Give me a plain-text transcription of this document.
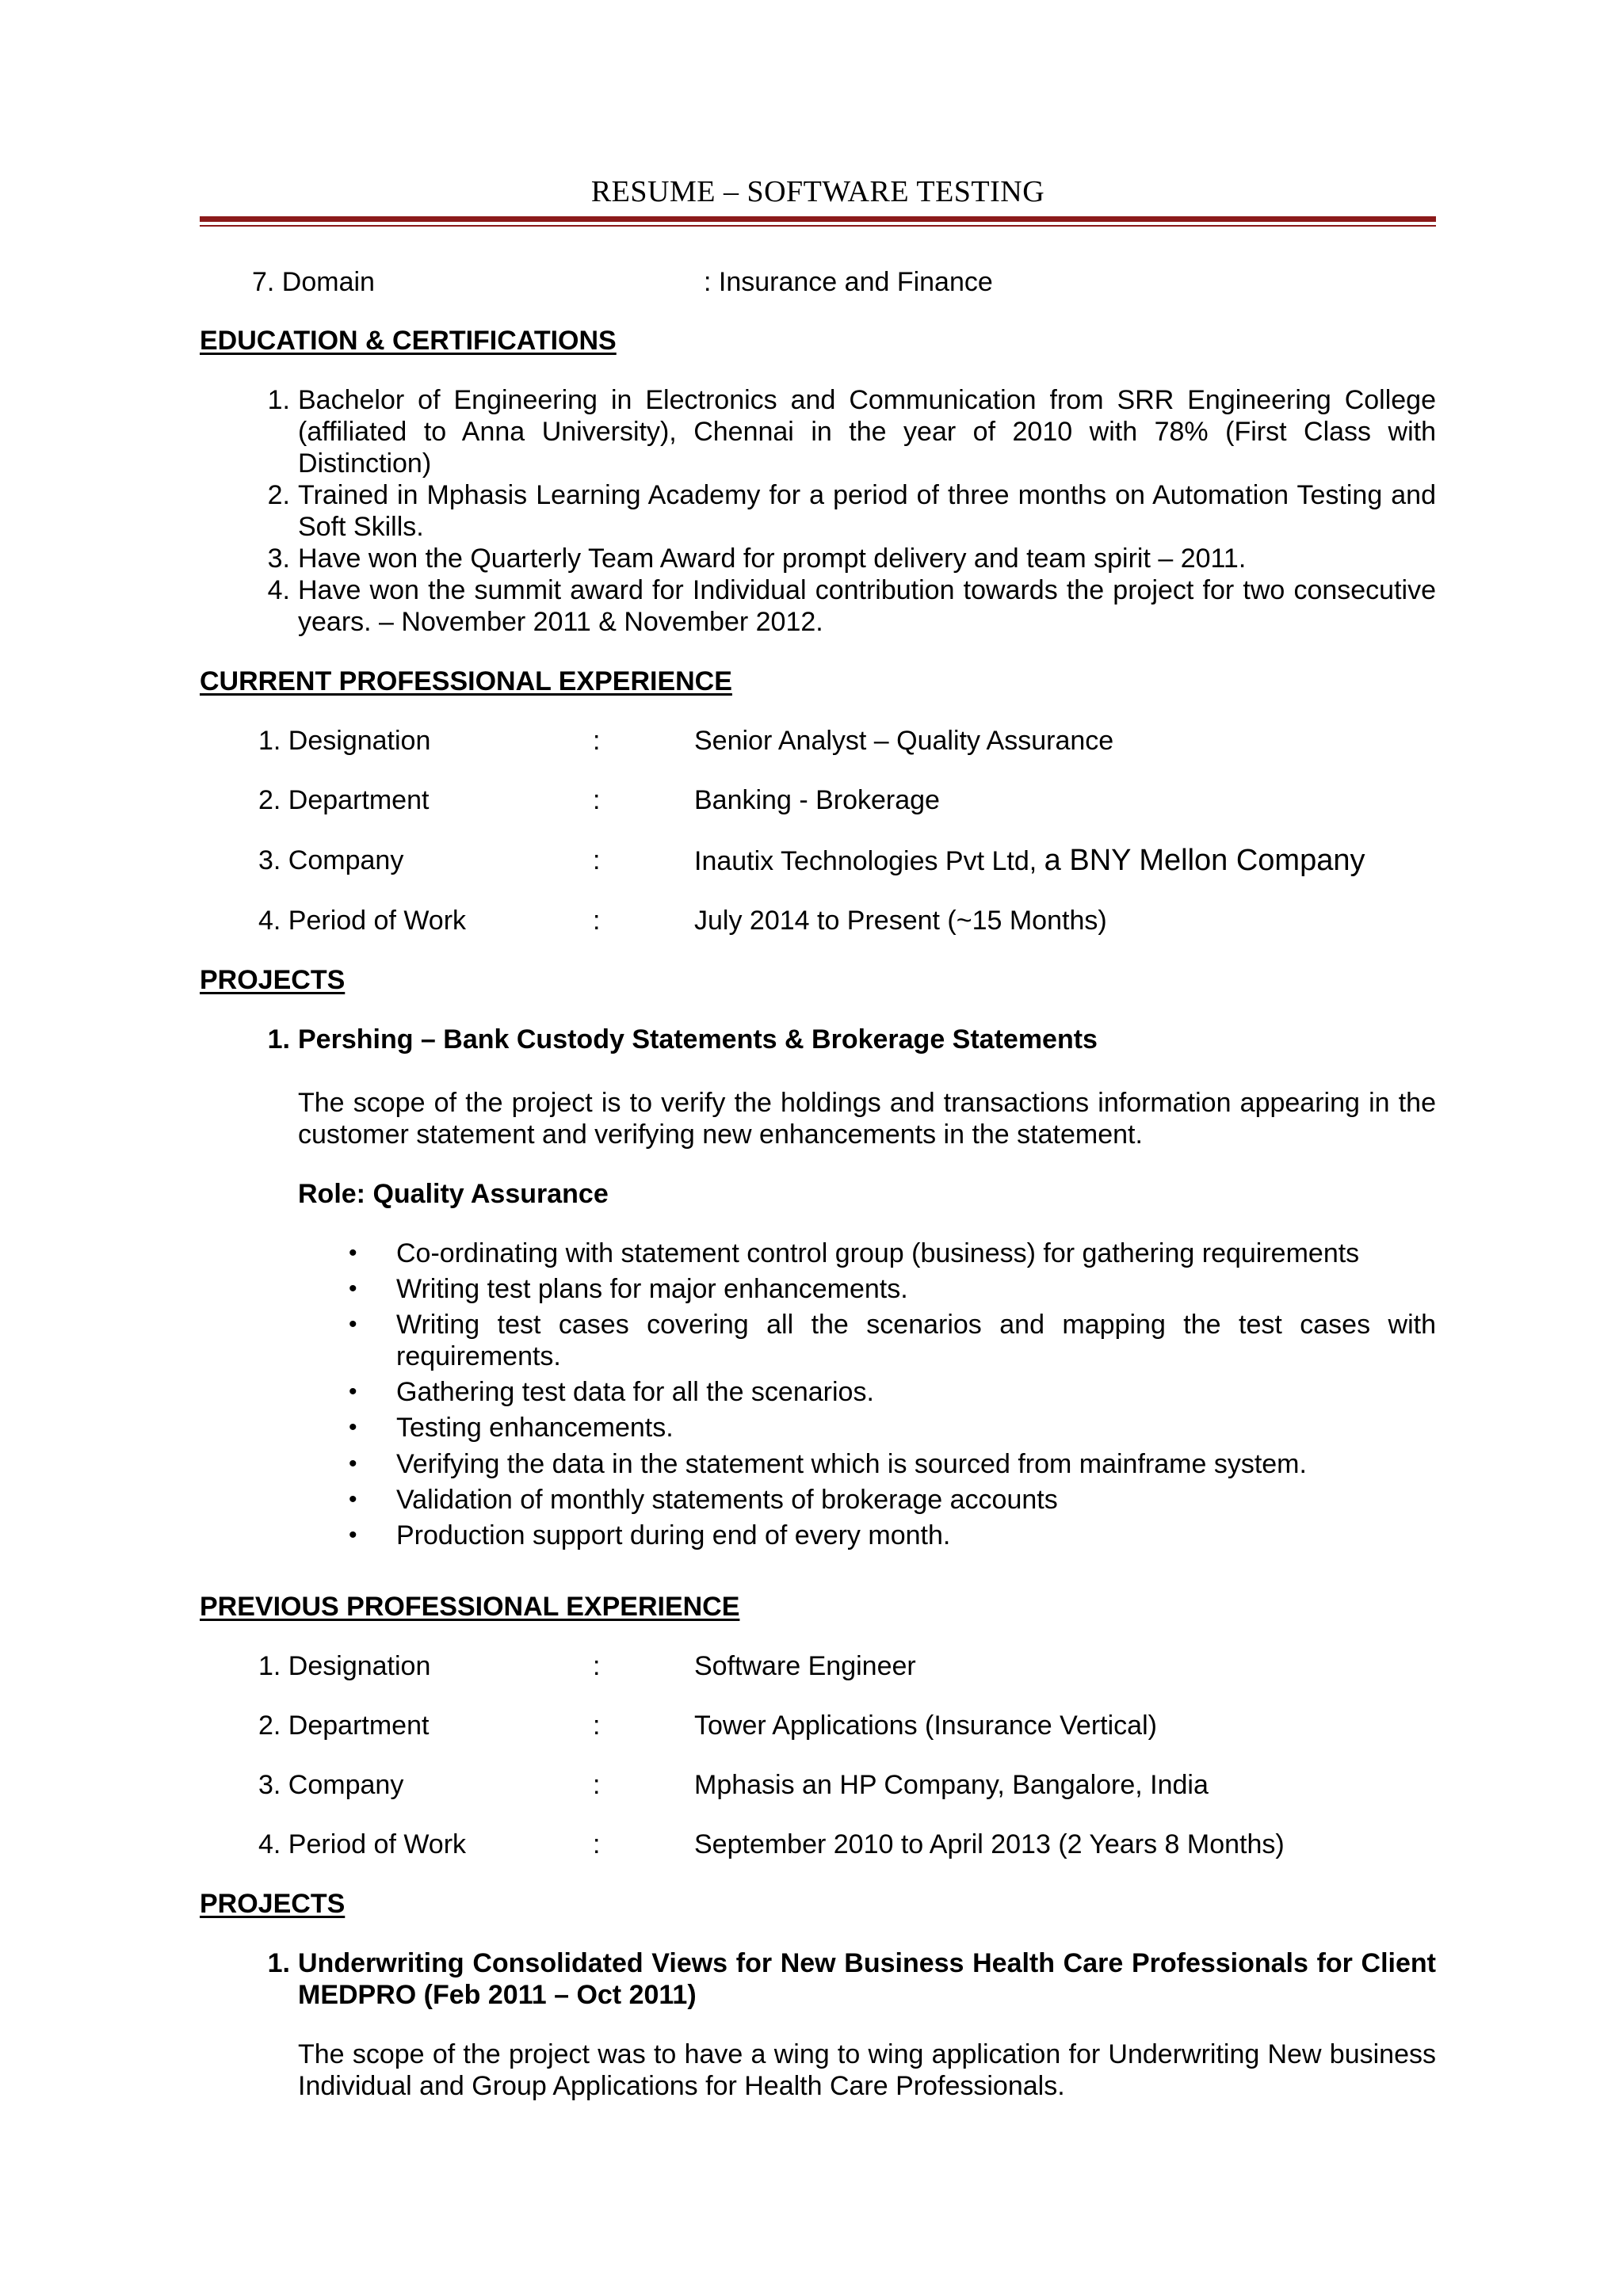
RESUME – SOFTWARE TESTING
7. Domain	: Insurance and Finance
EDUCATION & CERTIFICATIONS
1. Bachelor of Engineering in Electronics and Communication from SRR Engineering College (affiliated to Anna University), Chennai in the year of 2010 with 78% (First Class with Distinction)
2. Trained in Mphasis Learning Academy for a period of three months on Automation Testing and Soft Skills.
3. Have won the Quarterly Team Award for prompt delivery and team spirit – 2011.
4. Have won the summit award for Individual contribution towards the project for two consecutive years. – November 2011 & November 2012.
CURRENT PROFESSIONAL EXPERIENCE
1. Designation	:	Senior Analyst – Quality Assurance
2. Department	:	Banking - Brokerage
3. Company	:	Inautix Technologies Pvt Ltd, a BNY Mellon Company
4. Period of Work	:	July 2014 to Present (~15 Months)
PROJECTS
1. Pershing – Bank Custody Statements & Brokerage Statements
The scope of the project is to verify the holdings and transactions information appearing in the customer statement and verifying new enhancements in the statement.
Role: Quality Assurance
• Co-ordinating with statement control group (business) for gathering requirements
• Writing test plans for major enhancements.
• Writing test cases covering all the scenarios and mapping the test cases with requirements.
• Gathering test data for all the scenarios.
• Testing enhancements.
• Verifying the data in the statement which is sourced from mainframe system.
• Validation of monthly statements of brokerage accounts
• Production support during end of every month.
PREVIOUS PROFESSIONAL EXPERIENCE
1. Designation	:	Software Engineer
2. Department	:	Tower Applications (Insurance Vertical)
3. Company	:	Mphasis an HP Company, Bangalore, India
4. Period of Work	:	September 2010 to April 2013 (2 Years 8 Months)
PROJECTS
1. Underwriting Consolidated Views for New Business Health Care Professionals for Client MEDPRO (Feb 2011 – Oct 2011)
The scope of the project was to have a wing to wing application for Underwriting New business Individual and Group Applications for Health Care Professionals.
